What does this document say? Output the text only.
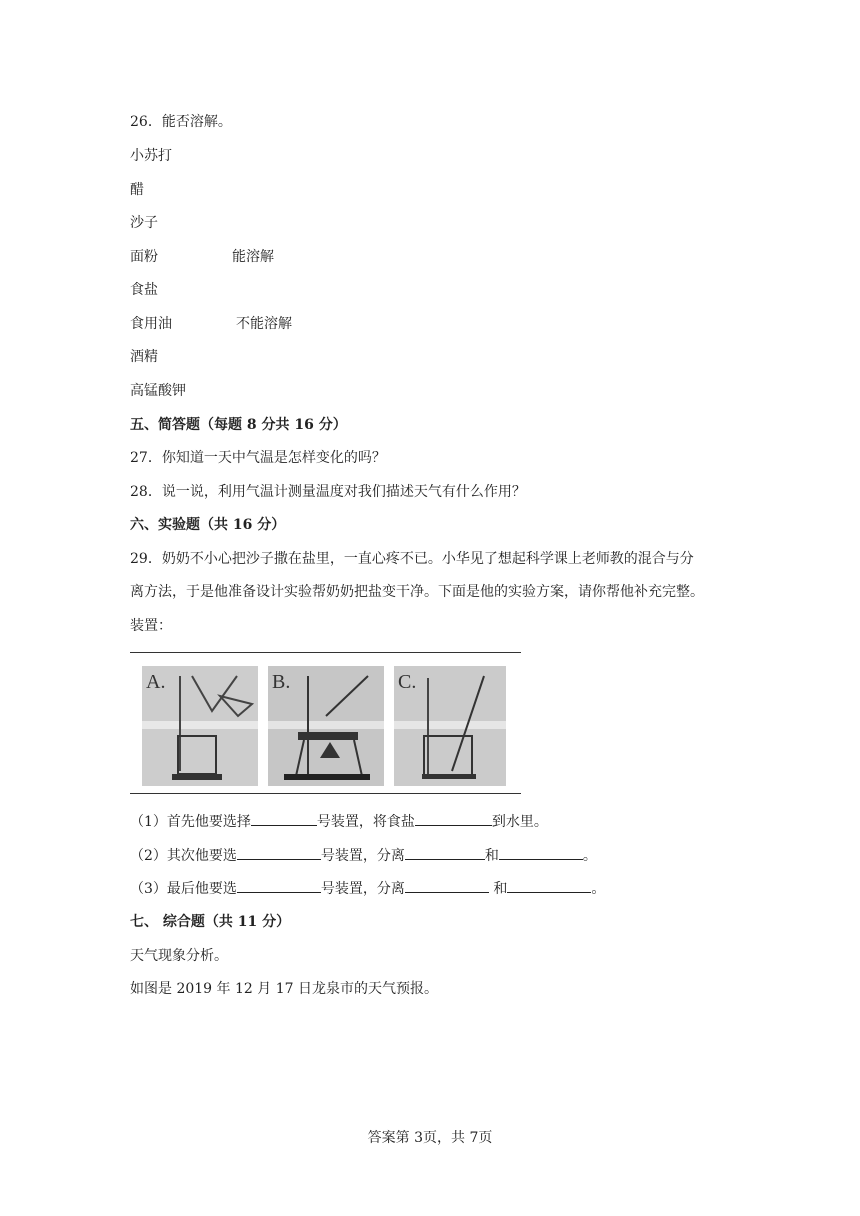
26．能否溶解。
小苏打
醋
沙子
面粉	能溶解
食盐
食用油	不能溶解
酒精
高锰酸钾
五、简答题（每题 8 分共 16 分）
27．你知道一天中气温是怎样变化的吗？
28．说一说，利用气温计测量温度对我们描述天气有什么作用？
六、实验题（共 16 分）
29．奶奶不小心把沙子撒在盐里，一直心疼不已。小华见了想起科学课上老师教的混合与分
离方法，于是他准备设计实验帮奶奶把盐变干净。下面是他的实验方案，请你帮他补充完整。
装置：
A.	B.	C.
（1）首先他要选择	号装置，将食盐	到水里。
（2）其次他要选	号装置，分离	和	。
（3）最后他要选	号装置，分离	和	。
七、 综合题（共 11 分）
天气现象分析。
如图是 2019 年 12 月 17 日龙泉市的天气预报。
答案第 3页，共 7页
